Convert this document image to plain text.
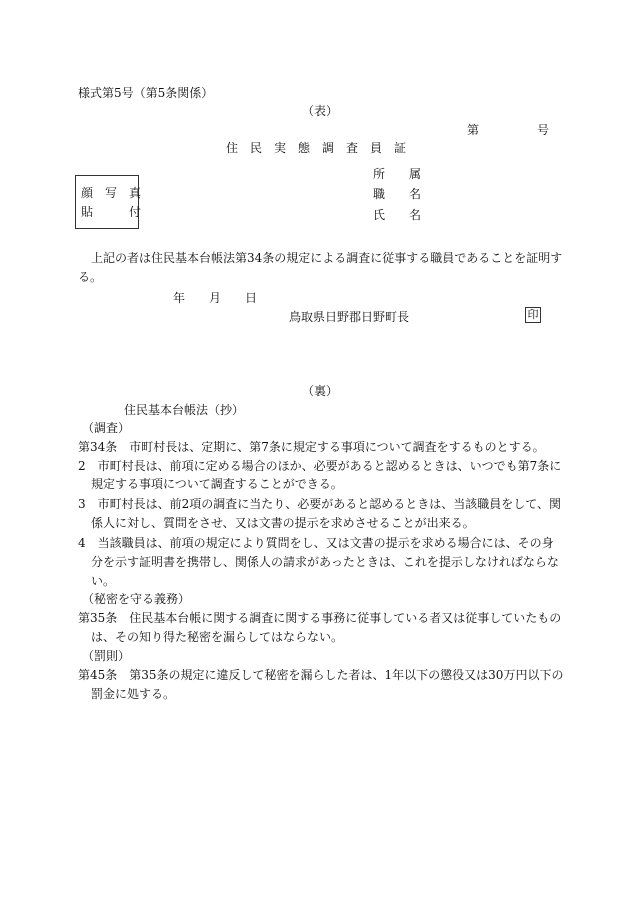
様式第5号（第5条関係）
（表）
第	号
住　民　実　態　調　査　員　証
顔　写　真
貼　　　付
所　　属
職　　名
氏　　名
上記の者は住民基本台帳法第34条の規定による調査に従事する職員であることを証明す
る。
年　　月　　日
鳥取県日野郡日野町長	印
（裏）
住民基本台帳法（抄）
（調査）
第34条　市町村長は、定期に、第7条に規定する事項について調査をするものとする。
2　市町村長は、前項に定める場合のほか、必要があると認めるときは、いつでも第7条に
規定する事項について調査することができる。
3　市町村長は、前2項の調査に当たり、必要があると認めるときは、当該職員をして、関
係人に対し、質問をさせ、又は文書の提示を求めさせることが出来る。
4　当該職員は、前項の規定により質問をし、又は文書の提示を求める場合には、その身
分を示す証明書を携帯し、関係人の請求があったときは、これを提示しなければならな
い。
（秘密を守る義務）
第35条　住民基本台帳に関する調査に関する事務に従事している者又は従事していたもの
は、その知り得た秘密を漏らしてはならない。
（罰則）
第45条　第35条の規定に違反して秘密を漏らした者は、1年以下の懲役又は30万円以下の
罰金に処する。
